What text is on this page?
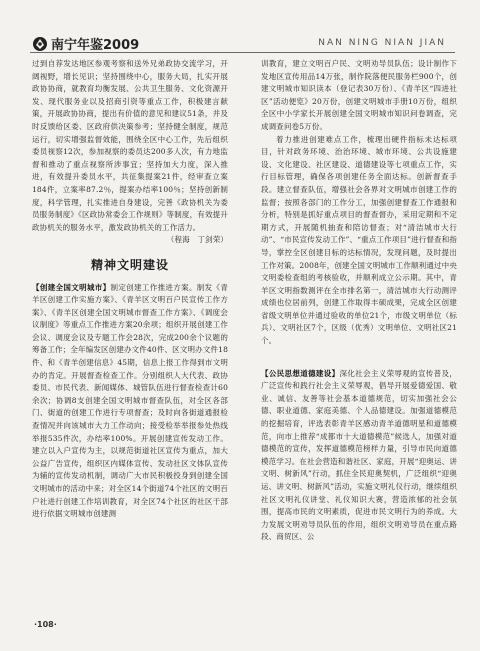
南宁年鉴2009	NAN NING NIAN JIAN

过到自荐发达地区参观考察和送外兄弟政协交流学习，开阔视野，增长见识；坚持围绕中心，服务大局，扎实开展政协协商，就教育均衡发展、公共卫生服务、文化资源开发、现代服务业以及招商引资等重点工作，积极建言献策，开展政协协商，提出有价值的意见和建议51条，并及时反馈给区委、区政府供决策参考；坚持健全制度，规范运行，切实增强监督效能，围绕全区中心工作，先后组织委员视察12次，参加视察的委员达200多人次，有力地监督和推动了重点视察所涉事宜；坚持加大力度，深入推进，有效提升委员水平，共征集提案21件，经审查立案184件，立案率87.2％，提案办结率100％；坚持创新制度，科学管理，扎实推进自身建设，完善《政协机关为委员服务制度》《区政协常委会工作规则》等制度，有效提升政协机关的服务水平，激发政协机关的工作活力。

（程海　丁剑荣）

精神文明建设

【创建全国文明城市】制定创建工作推进方案。制发《青羊区创建工作实施方案》、《青羊区文明百户民宣传工作方案》、《青羊区创建全国文明城市督查工作方案》、《调度会议制度》等重点工作推进方案20余项；组织开展创建工作会议、调度会议及专题工作会28次，完成200余个议题的筹备工作；全年编发区创建办文件40件、区文明办文件18件、和《青羊创建信息》45期，信息上报工作得到市文明办的肯定。开展督查检查工作。分别组织人大代表、政协委员、市民代表、新闻媒体、城管队伍进行督查检查计60余次；协调8支创建全国文明城市督查队伍，对全区各部门、街道的创建工作进行专项督查；及时向各街道通报检查情况并向该城市大力工作动向；接受检举举报参处热线举报535件次，办结率100%。开展创建宣传发动工作。建立以入户宣传为主，以规范街道社区宣传为重点，加大公益广告宣传，组织区内媒体宣传、发动社区文体队宣传为辅的宣传发动机制，调动广大市民积极投身到创建全国文明城市的活动中来；对全区14个街道74个社区的文明百户社进行创建工作培训教育，对全区74个社区的社区干部进行依据文明城市创建测

训教育，建立文明百户民、文明劝导员队伍；设计制作下发地区宣传用品14万张，制作院落便民服务栏900个，创建文明城市知识读本（登记表30万份）、《青羊区“四进社区”活动便览》20万份，创建文明城市手册10万份，组织全区中小学家长开展创建全国文明城市知识问卷调查，完成调查问卷5万份。

着力推进创建难点工作，梳理出硬件指标未达标项目，针对政务环境、治治环境、城市环境、公共设施建设、文化建设、社区建设、道德建设等七项重点工作，实行目标管理，确保各项创建任务全面达标。创新督查手段。建立督查队伍，增强社会各界对文明城市创建工作的监督；按照各部门的工作分工，加强创建督查工作通报和分析，特别是抓好重点项目的督查督办，采用定期和不定期方式，开展随机抽查和陪访督查；对“清洁城市大行动”、“市民宣传发动工作”、“重点工作项目”进行督查和指导，掌控全区创建目标的达标情况，发现问题，及时提出工作对策。2008年，创建全国文明城市工作顺利通过中央文明委检查组的考核验收，并顺利成立公示期。其中，青羊区文明指数测评在全市排名第一，清洁城市大行动测评成绩也位居前列，创建工作取得丰硕成果，完成全区创建省级文明单位并通过验收的单位21个，市级文明单位（标兵）、文明社区7个，区级（优秀）文明单位、文明社区21个。

【公民思想道德建设】深化社会主义荣辱观的宣传普及，广泛宣传和践行社会主义荣辱观，倡导开展爱德爱国、敬业、诚信、友善等社会基本道德规范，切实加强社会公德、职业道德、家庭美德、个人品德建设。加强道德模范的挖掘培育，评选表彰青羊区感动青羊道德明星和道德模范，向市上推荐“成都市十大道德模范”候选人，加强对道德模范的宣传，发挥道德模范榜样力量，引导市民向道德模范学习。在社会营造和谐社区、家庭，开展“迎奥运、讲文明、树新风”行动，抓住全民迎奥契机，广泛组织“迎奥运、讲文明、树新风”活动，实施文明礼仪行动，继续组织社区文明礼仪讲堂、礼仪知识大赛，营造浓郁的社会氛围，提高市民的文明素质，促进市民文明行为的养成。大力发展文明劝导员队伍的作用，组织文明劝导员在重点路段、商贸区、公

·108·
